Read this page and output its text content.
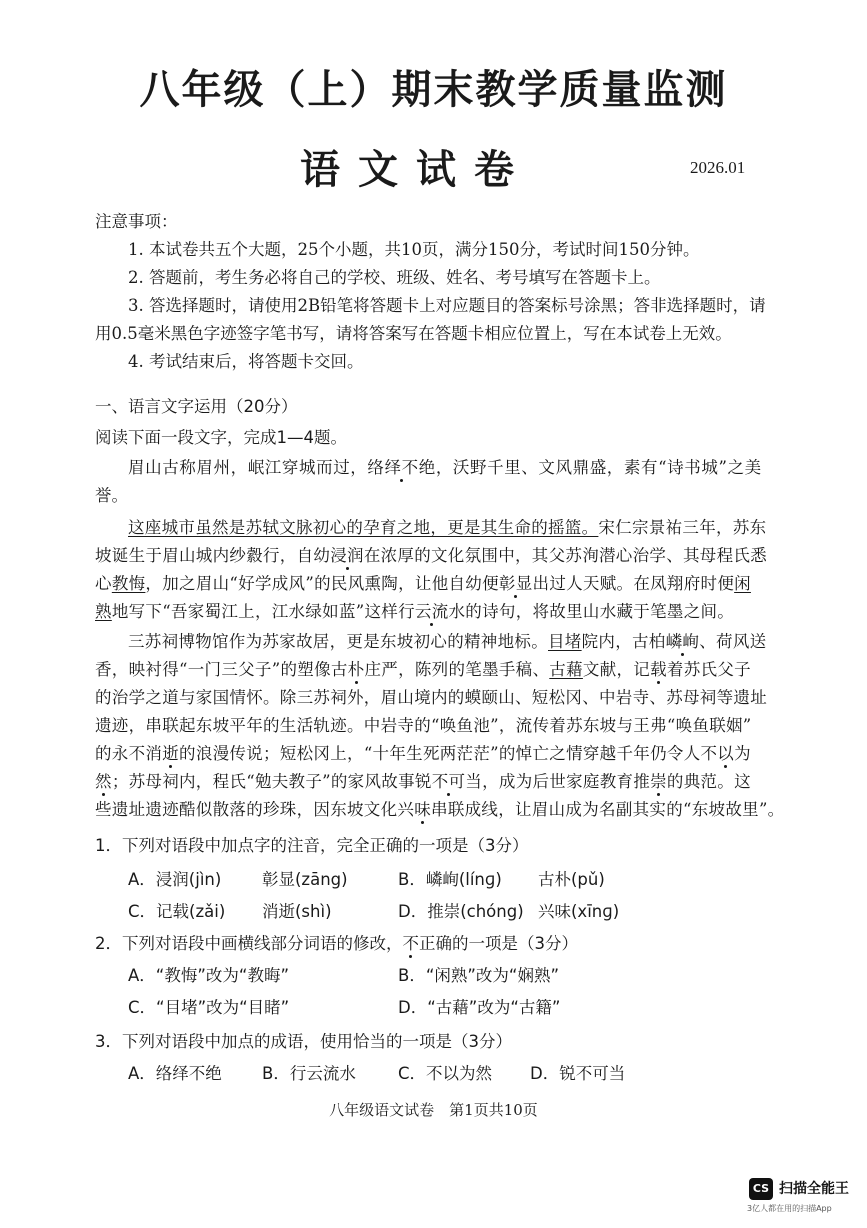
八年级（上）期末教学质量监测
语文试卷	2026.01
注意事项：
1. 本试卷共五个大题，25个小题，共10页，满分150分，考试时间150分钟。
2. 答题前，考生务必将自己的学校、班级、姓名、考号填写在答题卡上。
3. 答选择题时，请使用2B铅笔将答题卡上对应题目的答案标号涂黑；答非选择题时，请
用0.5毫米黑色字迹签字笔书写，请将答案写在答题卡相应位置上，写在本试卷上无效。
4. 考试结束后，将答题卡交回。
一、语言文字运用（20分）
阅读下面一段文字，完成1—4题。
眉山古称眉州，岷江穿城而过，络绎不绝，沃野千里、文风鼎盛，素有“诗书城”之美
誉。
这座城市虽然是苏轼文脉初心的孕育之地，更是其生命的摇篮。宋仁宗景祐三年，苏东
坡诞生于眉山城内纱縠行，自幼浸润在浓厚的文化氛围中，其父苏洵潜心治学、其母程氏悉
心教悔，加之眉山“好学成风”的民风熏陶，让他自幼便彰显出过人天赋。在凤翔府时便闲
熟地写下“吾家蜀江上，江水绿如蓝”这样行云流水的诗句，将故里山水藏于笔墨之间。
三苏祠博物馆作为苏家故居，更是东坡初心的精神地标。目堵院内，古柏嶙峋、荷风送
香，映衬得“一门三父子”的塑像古朴庄严，陈列的笔墨手稿、古藉文献，记载着苏氏父子
的治学之道与家国情怀。除三苏祠外，眉山境内的蟆颐山、短松冈、中岩寺、苏母祠等遗址
遗迹，串联起东坡平年的生活轨迹。中岩寺的“唤鱼池”，流传着苏东坡与王弗“唤鱼联姻”
的永不消逝的浪漫传说；短松冈上，“十年生死两茫茫”的悼亡之情穿越千年仍令人不以为
然；苏母祠内，程氏“勉夫教子”的家风故事锐不可当，成为后世家庭教育推崇的典范。这
些遗址遗迹酷似散落的珍珠，因东坡文化兴味串联成线，让眉山成为名副其实的“东坡故里”。
1．下列对语段中加点字的注音，完全正确的一项是（3分）
A．浸润(jìn) 彰显(zāng)	B．嶙峋(línɡ) 古朴(pǔ)
C．记载(zǎi) 消逝(shì)	D．推崇(chóng) 兴味(xīnɡ)
2．下列对语段中画横线部分词语的修改，不正确的一项是（3分）
A．“教悔”改为“教晦”	B．“闲熟”改为“娴熟”
C．“目堵”改为“目睹”	D．“古藉”改为“古籍”
3．下列对语段中加点的成语，使用恰当的一项是（3分）
A．络绎不绝 B．行云流水	C．不以为然 D．锐不可当
八年级语文试卷　第1页共10页
CS 扫描全能王
3亿人都在用的扫描App
